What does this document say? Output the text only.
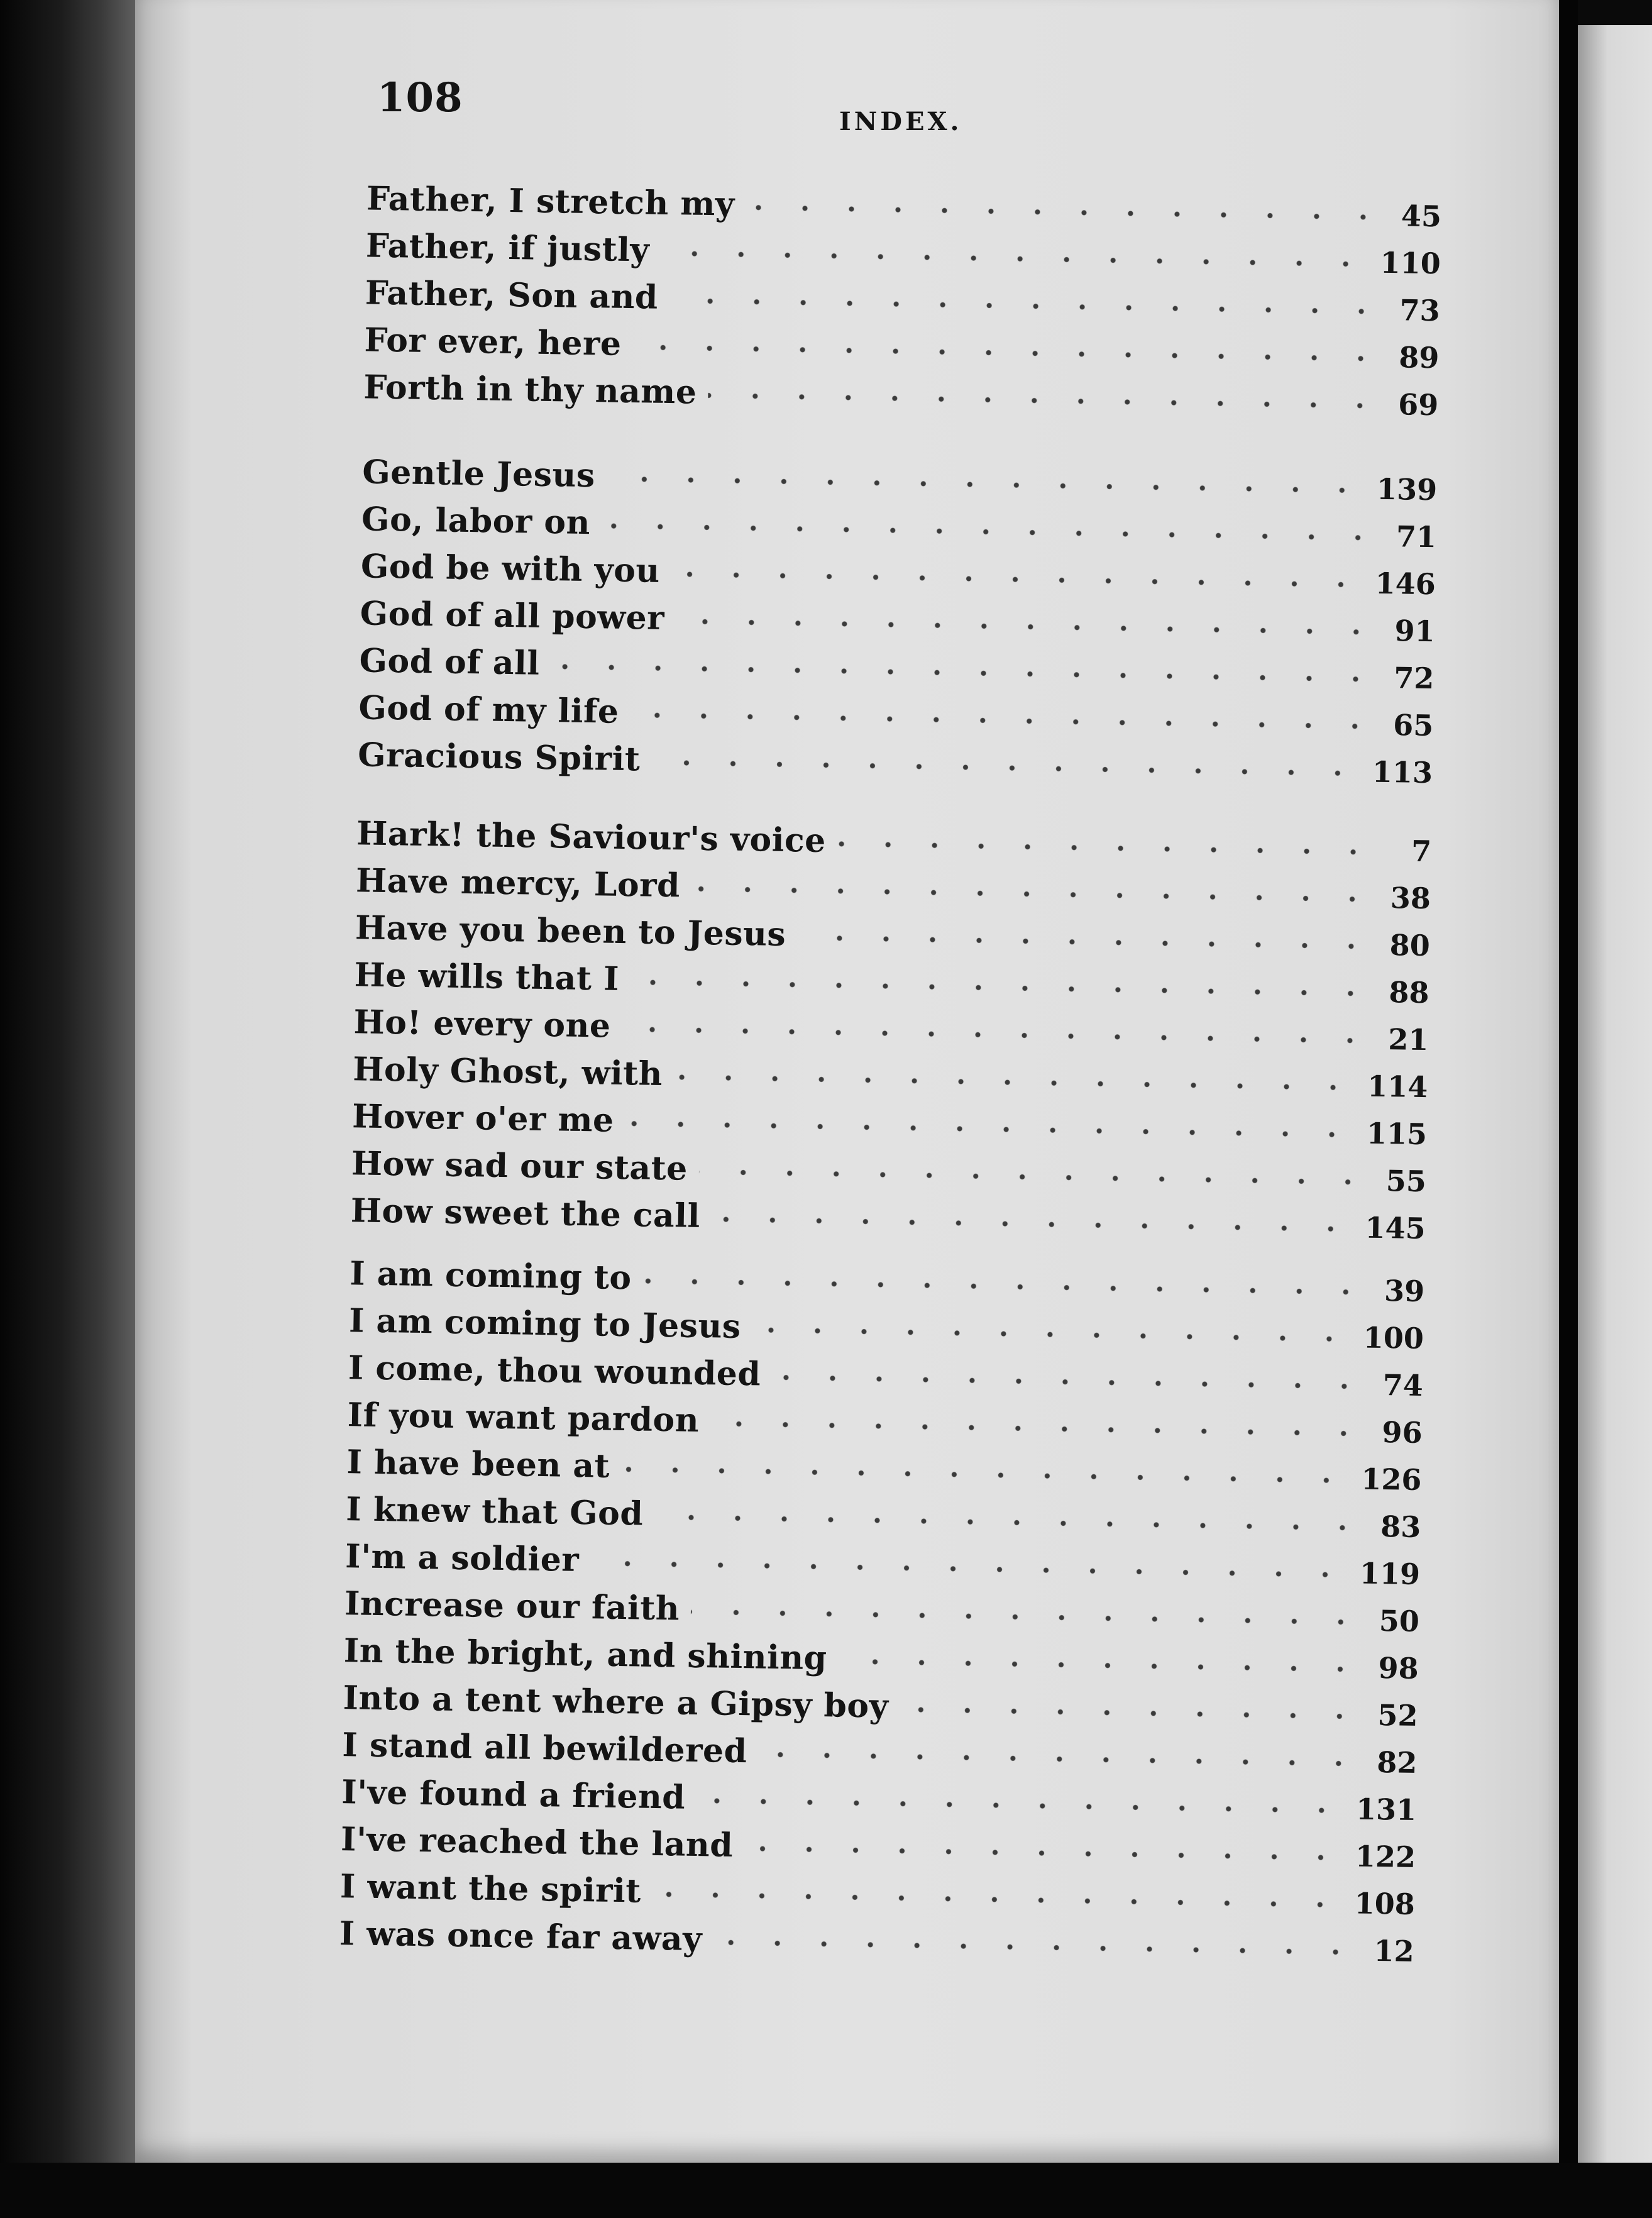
108
INDEX.
Father, I stretch my	45
Father, if justly	110
Father, Son and	73
For ever, here	89
Forth in thy name	69
Gentle Jesus	139
Go, labor on	71
God be with you	146
God of all power	91
God of all	72
God of my life	65
Gracious Spirit	113
Hark! the Saviour's voice	7
Have mercy, Lord	38
Have you been to Jesus	80
He wills that I	88
Ho! every one	21
Holy Ghost, with	114
Hover o'er me	115
How sad our state	55
How sweet the call	145
I am coming to	39
I am coming to Jesus	100
I come, thou wounded	74
If you want pardon	96
I have been at	126
I knew that God	83
I'm a soldier	119
Increase our faith	50
In the bright, and shining	98
Into a tent where a Gipsy boy	52
I stand all bewildered	82
I've found a friend	131
I've reached the land	122
I want the spirit	108
I was once far away	12
